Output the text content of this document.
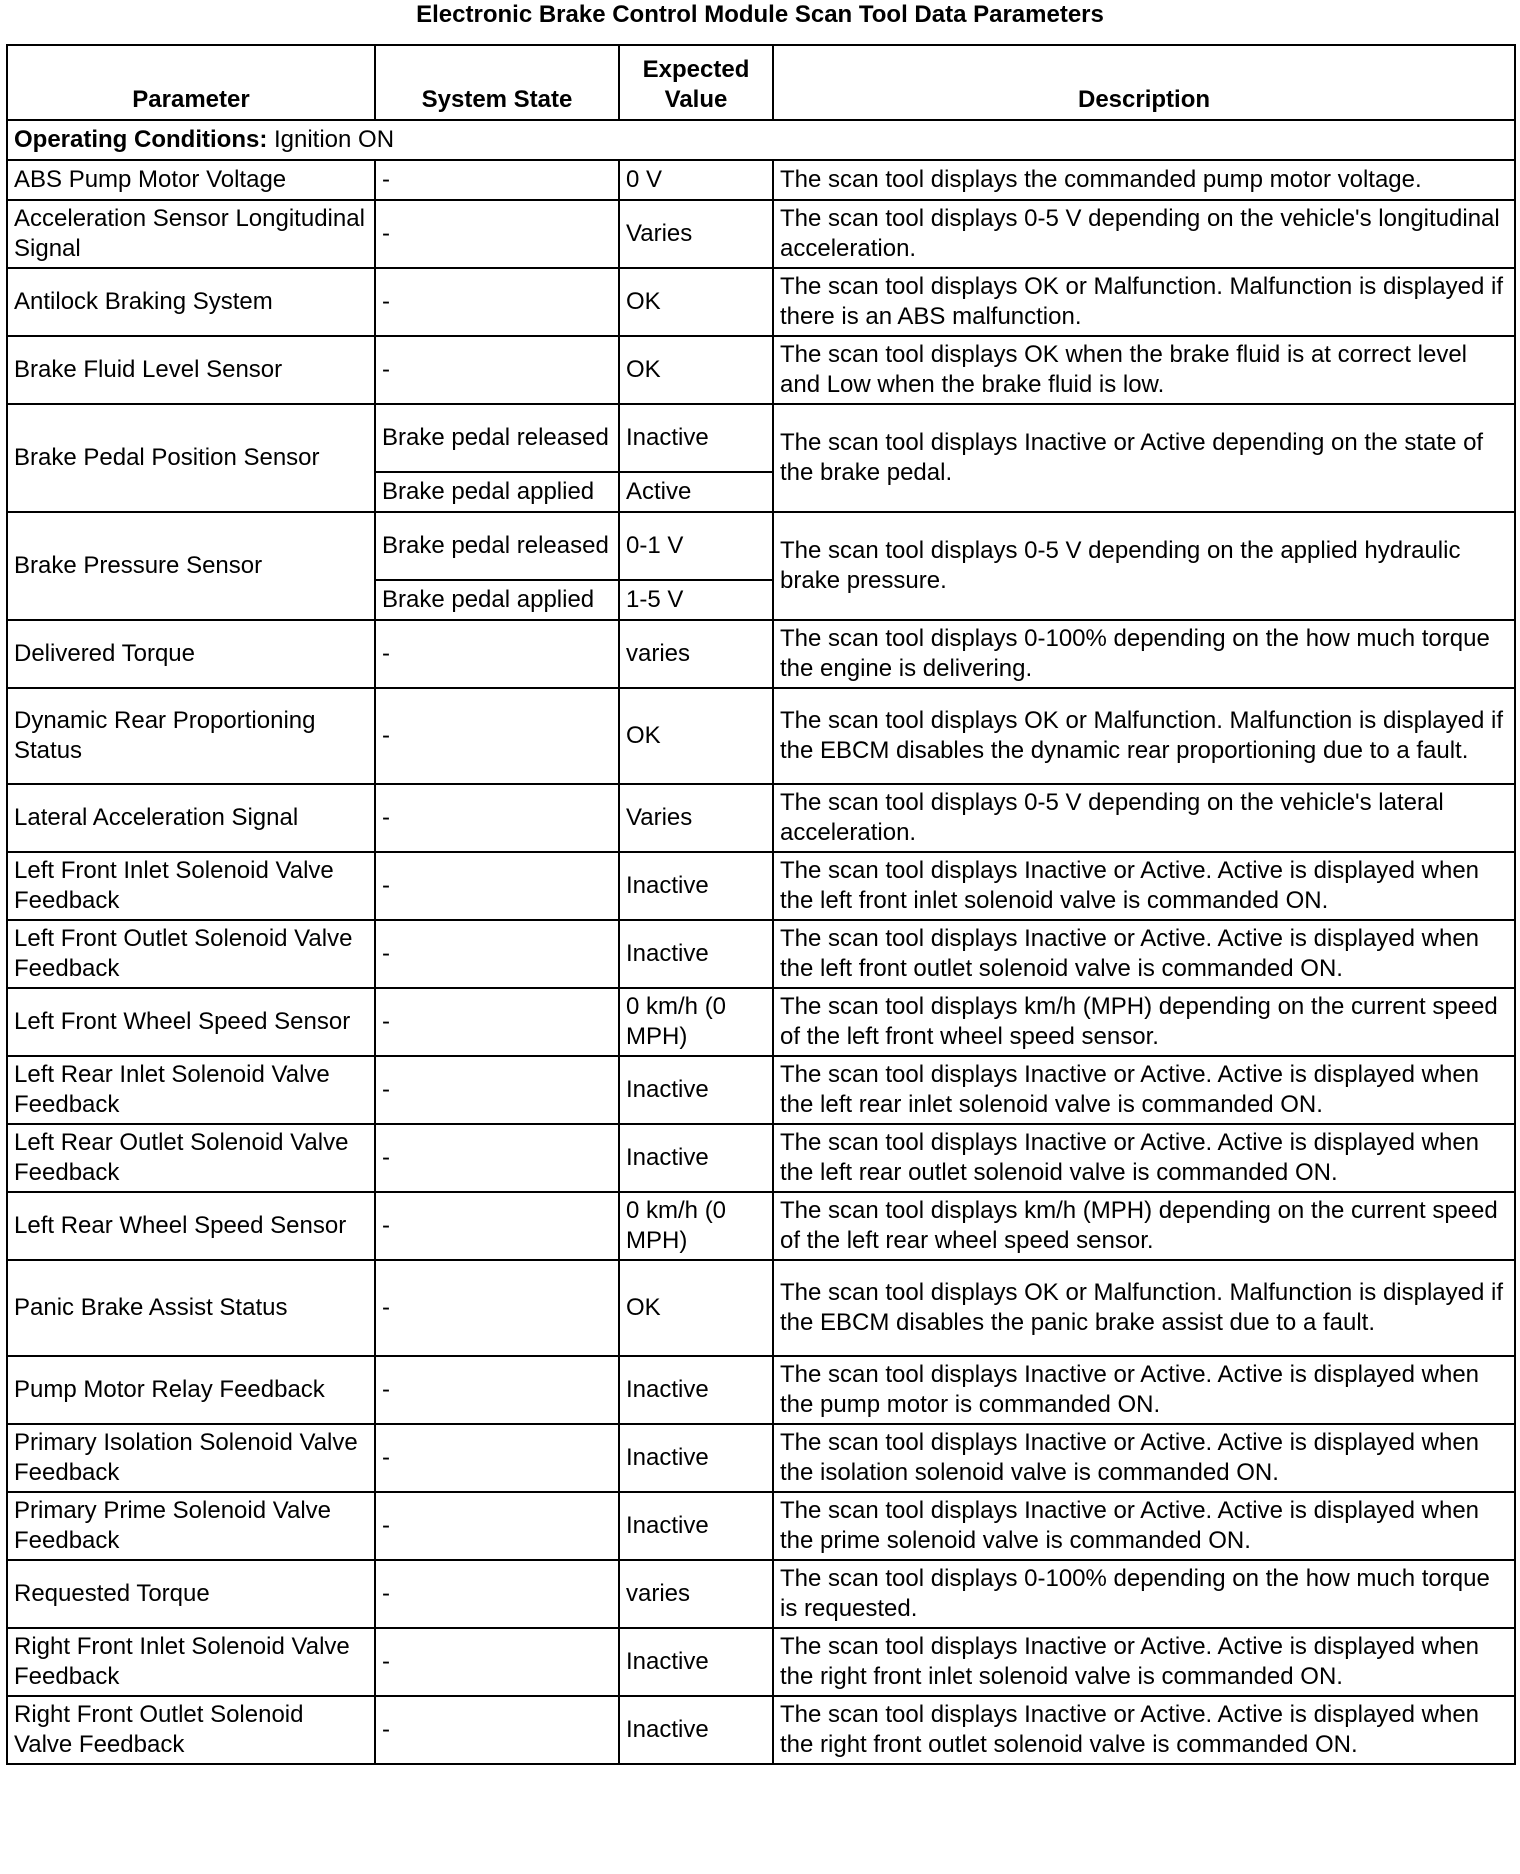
Electronic Brake Control Module Scan Tool Data Parameters
Parameter	System State	Expected Value	Description
Operating Conditions: Ignition ON			
ABS Pump Motor Voltage	-	0 V	The scan tool displays the commanded pump motor voltage.
Acceleration Sensor Longitudinal Signal	-	Varies	The scan tool displays 0-5 V depending on the vehicle's longitudinal acceleration.
Antilock Braking System	-	OK	The scan tool displays OK or Malfunction. Malfunction is displayed if there is an ABS malfunction.
Brake Fluid Level Sensor	-	OK	The scan tool displays OK when the brake fluid is at correct level and Low when the brake fluid is low.
Brake Pedal Position Sensor	Brake pedal released	Inactive	The scan tool displays Inactive or Active depending on the state of the brake pedal.
	Brake pedal applied	Active	
Brake Pressure Sensor	Brake pedal released	0-1 V	The scan tool displays 0-5 V depending on the applied hydraulic brake pressure.
	Brake pedal applied	1-5 V	
Delivered Torque	-	varies	The scan tool displays 0-100% depending on the how much torque the engine is delivering.
Dynamic Rear Proportioning Status	-	OK	The scan tool displays OK or Malfunction. Malfunction is displayed if the EBCM disables the dynamic rear proportioning due to a fault.
Lateral Acceleration Signal	-	Varies	The scan tool displays 0-5 V depending on the vehicle's lateral acceleration.
Left Front Inlet Solenoid Valve Feedback	-	Inactive	The scan tool displays Inactive or Active. Active is displayed when the left front inlet solenoid valve is commanded ON.
Left Front Outlet Solenoid Valve Feedback	-	Inactive	The scan tool displays Inactive or Active. Active is displayed when the left front outlet solenoid valve is commanded ON.
Left Front Wheel Speed Sensor	-	0 km/h (0 MPH)	The scan tool displays km/h (MPH) depending on the current speed of the left front wheel speed sensor.
Left Rear Inlet Solenoid Valve Feedback	-	Inactive	The scan tool displays Inactive or Active. Active is displayed when the left rear inlet solenoid valve is commanded ON.
Left Rear Outlet Solenoid Valve Feedback	-	Inactive	The scan tool displays Inactive or Active. Active is displayed when the left rear outlet solenoid valve is commanded ON.
Left Rear Wheel Speed Sensor	-	0 km/h (0 MPH)	The scan tool displays km/h (MPH) depending on the current speed of the left rear wheel speed sensor.
Panic Brake Assist Status	-	OK	The scan tool displays OK or Malfunction. Malfunction is displayed if the EBCM disables the panic brake assist due to a fault.
Pump Motor Relay Feedback	-	Inactive	The scan tool displays Inactive or Active. Active is displayed when the pump motor is commanded ON.
Primary Isolation Solenoid Valve Feedback	-	Inactive	The scan tool displays Inactive or Active. Active is displayed when the isolation solenoid valve is commanded ON.
Primary Prime Solenoid Valve Feedback	-	Inactive	The scan tool displays Inactive or Active. Active is displayed when the prime solenoid valve is commanded ON.
Requested Torque	-	varies	The scan tool displays 0-100% depending on the how much torque is requested.
Right Front Inlet Solenoid Valve Feedback	-	Inactive	The scan tool displays Inactive or Active. Active is displayed when the right front inlet solenoid valve is commanded ON.
Right Front Outlet Solenoid Valve Feedback	-	Inactive	The scan tool displays Inactive or Active. Active is displayed when the right front outlet solenoid valve is commanded ON.
